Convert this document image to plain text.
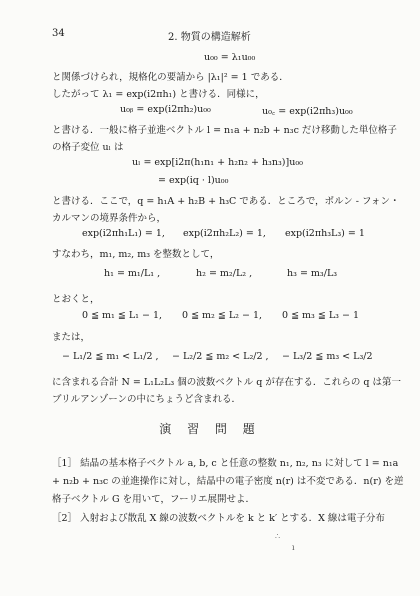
34	2. 物質の構造解析
u₀₀ = λ₁u₀₀
と関係づけられ，規格化の要請から |λ₁|² = 1 である．
したがって λ₁ = exp(i2πh₁) と書ける．同様に，
u₀ᵦ = exp(i2πh₂)u₀₀	u₀꜀ = exp(i2πh₃)u₀₀
と書ける．一般に格子並進ベクトル l = n₁a + n₂b + n₃c だけ移動した単位格子
の格子変位 uₗ は
uₗ = exp[i2π(h₁n₁ + h₂n₂ + h₃n₃)]u₀₀
= exp(iq · l)u₀₀
と書ける．ここで，q = h₁A + h₂B + h₃C である．ところで，ボルン - フォン・
カルマンの境界条件から，
exp(i2πh₁L₁) = 1, exp(i2πh₂L₂) = 1, exp(i2πh₃L₃) = 1
すなわち，m₁, m₂, m₃ を整数として，
h₁ = m₁/L₁ ,	h₂ = m₂/L₂ ,	h₃ = m₃/L₃
とおくと，
0 ≦ m₁ ≦ L₁ − 1, 0 ≦ m₂ ≦ L₂ − 1, 0 ≦ m₃ ≦ L₃ − 1
または，
− L₁/2 ≦ m₁ < L₁/2 , − L₂/2 ≦ m₂ < L₂/2 , − L₃/2 ≦ m₃ < L₃/2
に含まれる合計 N = L₁L₂L₃ 個の波数ベクトル q が存在する．これらの q は第一
ブリルアンゾーンの中にちょうど含まれる．
演 習 問 題
［1］ 結晶の基本格子ベクトル a, b, c と任意の整数 n₁, n₂, n₃ に対して l = n₁a
+ n₂b + n₃c の並進操作に対し，結晶中の電子密度 n(r) は不変である．n(r) を逆
格子ベクトル G を用いて，フーリエ展開せよ．
［2］ 入射および散乱 X 線の波数ベクトルを k と k′ とする．X 線は電子分布
∴
ı
